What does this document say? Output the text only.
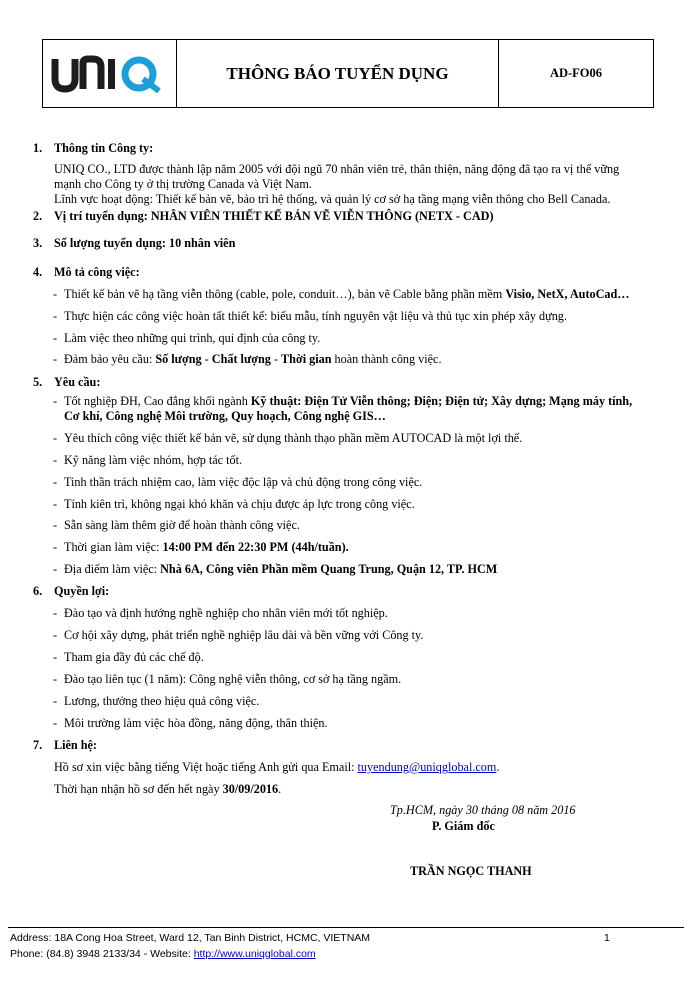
UNIQ
THÔNG BÁO TUYỂN DỤNG	AD-FO06
1. Thông tin Công ty:
UNIQ CO., LTD được thành lập năm 2005 với đội ngũ 70 nhân viên trẻ, thân thiện, năng động đã tạo ra vị thế vững
mạnh cho Công ty ở thị trường Canada và Việt Nam.
Lĩnh vực hoạt động: Thiết kế bản vẽ, bảo trì hệ thống, và quản lý cơ sở hạ tầng mạng viễn thông cho Bell Canada.
2. Vị trí tuyển dụng: NHÂN VIÊN THIẾT KẾ BẢN VẼ VIỄN THÔNG (NETX - CAD)
3. Số lượng tuyển dụng: 10 nhân viên
4. Mô tả công việc:
- Thiết kế bản vẽ hạ tầng viễn thông (cable, pole, conduit…), bản vẽ Cable bằng phần mềm Visio, NetX, AutoCad…
- Thực hiện các công việc hoàn tất thiết kế: biểu mẫu, tính nguyên vật liệu và thủ tục xin phép xây dựng.
- Làm việc theo những qui trình, qui định của công ty.
- Đảm bảo yêu cầu: Số lượng - Chất lượng - Thời gian hoàn thành công việc.
5. Yêu cầu:
- Tốt nghiệp ĐH, Cao đẳng khối ngành Kỹ thuật: Điện Tử Viễn thông; Điện; Điện tử; Xây dựng; Mạng máy tính,
Cơ khí, Công nghệ Môi trường, Quy hoạch, Công nghệ GIS…
- Yêu thích công việc thiết kế bản vẽ, sử dụng thành thạo phần mềm AUTOCAD là một lợi thế.
- Kỹ năng làm việc nhóm, hợp tác tốt.
- Tinh thần trách nhiệm cao, làm việc độc lập và chủ động trong công việc.
- Tính kiên trì, không ngại khó khăn và chịu được áp lực trong công việc.
- Sẵn sàng làm thêm giờ để hoàn thành công việc.
- Thời gian làm việc: 14:00 PM đến 22:30 PM (44h/tuần).
- Địa điểm làm việc: Nhà 6A, Công viên Phần mềm Quang Trung, Quận 12, TP. HCM
6. Quyền lợi:
- Đào tạo và định hướng nghề nghiệp cho nhân viên mới tốt nghiệp.
- Cơ hội xây dựng, phát triển nghề nghiệp lâu dài và bền vững với Công ty.
- Tham gia đầy đủ các chế độ.
- Đào tạo liên tục (1 năm): Công nghệ viễn thông, cơ sở hạ tầng ngầm.
- Lương, thưởng theo hiệu quả công việc.
- Môi trường làm việc hòa đồng, năng động, thân thiện.
7. Liên hệ:
Hồ sơ xin việc bằng tiếng Việt hoặc tiếng Anh gửi qua Email: tuyendung@uniqglobal.com.
Thời hạn nhận hồ sơ đến hết ngày 30/09/2016.
Tp.HCM, ngày 30 tháng 08 năm 2016
P. Giám đốc
TRẦN NGỌC THANH
Address: 18A Cong Hoa Street, Ward 12, Tan Binh District, HCMC, VIETNAM	1
Phone: (84.8) 3948 2133/34 - Website: http://www.uniqglobal.com
